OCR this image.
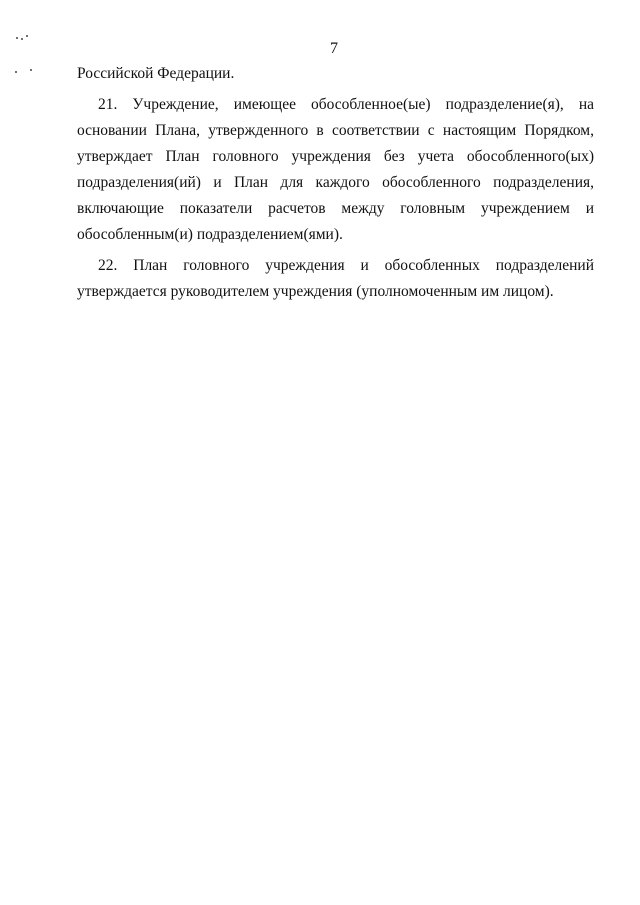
7
Российской Федерации.
21. Учреждение, имеющее обособленное(ые) подразделение(я), на
основании Плана, утвержденного в соответствии с настоящим Порядком,
утверждает План головного учреждения без учета обособленного(ых)
подразделения(ий) и План для каждого обособленного подразделения,
включающие показатели расчетов между головным учреждением и
обособленным(и) подразделением(ями).
22. План головного учреждения и обособленных подразделений
утверждается руководителем учреждения (уполномоченным им лицом).
